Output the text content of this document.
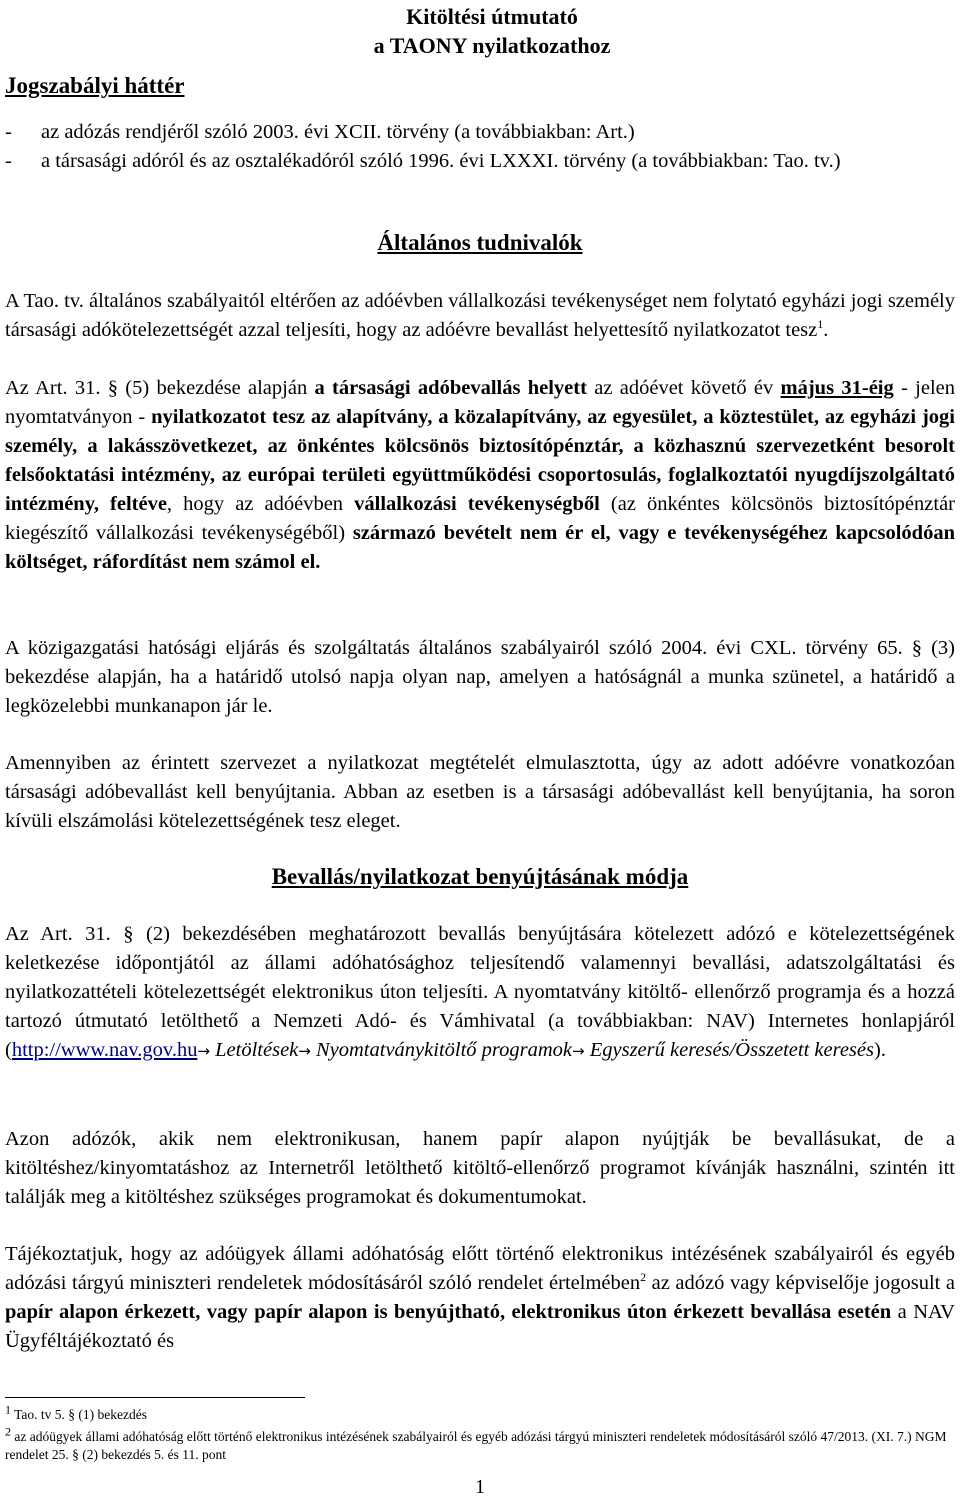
Kitöltési útmutató
a TAONY nyilatkozathoz
Jogszabályi háttér
-	az adózás rendjéről szóló 2003. évi XCII. törvény (a továbbiakban: Art.)
-	a társasági adóról és az osztalékadóról szóló 1996. évi LXXXI. törvény (a továbbiakban: Tao. tv.)
Általános tudnivalók
A Tao. tv. általános szabályaitól eltérően az adóévben vállalkozási tevékenységet nem folytató egyházi jogi személy társasági adókötelezettségét azzal teljesíti, hogy az adóévre bevallást helyettesítő nyilatkozatot tesz$^1$.
Az Art. 31. § (5) bekezdése alapján a társasági adóbevallás helyett az adóévet követő év május 31-éig - jelen nyomtatványon - nyilatkozatot tesz az alapítvány, a közalapítvány, az egyesület, a köztestület, az egyházi jogi személy, a lakásszövetkezet, az önkéntes kölcsönös biztosítópénztár, a közhasznú szervezetként besorolt felsőoktatási intézmény, az európai területi együttműködési csoportosulás, foglalkoztatói nyugdíjszolgáltató intézmény, feltéve, hogy az adóévben vállalkozási tevékenységből (az önkéntes kölcsönös biztosítópénztár kiegészítő vállalkozási tevékenységéből) származó bevételt nem ér el, vagy e tevékenységéhez kapcsolódóan költséget, ráfordítást nem számol el.
A közigazgatási hatósági eljárás és szolgáltatás általános szabályairól szóló 2004. évi CXL. törvény 65. § (3) bekezdése alapján, ha a határidő utolsó napja olyan nap, amelyen a hatóságnál a munka szünetel, a határidő a legközelebbi munkanapon jár le.
Amennyiben az érintett szervezet a nyilatkozat megtételét elmulasztotta, úgy az adott adóévre vonatkozóan társasági adóbevallást kell benyújtania. Abban az esetben is a társasági adóbevallást kell benyújtania, ha soron kívüli elszámolási kötelezettségének tesz eleget.
Bevallás/nyilatkozat benyújtásának módja
Az Art. 31. § (2) bekezdésében meghatározott bevallás benyújtására kötelezett adózó e kötelezettségének keletkezése időpontjától az állami adóhatósághoz teljesítendő valamennyi bevallási, adatszolgáltatási és nyilatkozattételi kötelezettségét elektronikus úton teljesíti. A nyomtatvány kitöltő- ellenőrző programja és a hozzá tartozó útmutató letölthető a Nemzeti Adó- és Vámhivatal (a továbbiakban: NAV) Internetes honlapjáról (http://www.nav.gov.hu→ Letöltések→ Nyomtatványkitöltő programok→ Egyszerű keresés/Összetett keresés).
Azon adózók, akik nem elektronikusan, hanem papír alapon nyújtják be bevallásukat, de a kitöltéshez/kinyomtatáshoz az Internetről letölthető kitöltő-ellenőrző programot kívánják használni, szintén itt találják meg a kitöltéshez szükséges programokat és dokumentumokat.
Tájékoztatjuk, hogy az adóügyek állami adóhatóság előtt történő elektronikus intézésének szabályairól és egyéb adózási tárgyú miniszteri rendeletek módosításáról szóló rendelet értelmében$^2$ az adózó vagy képviselője jogosult a papír alapon érkezett, vagy papír alapon is benyújtható, elektronikus úton érkezett bevallása esetén a NAV Ügyféltájékoztató és
$^1$ Tao. tv 5. § (1) bekezdés
$^2$ az adóügyek állami adóhatóság előtt történő elektronikus intézésének szabályairól és egyéb adózási tárgyú miniszteri rendeletek módosításáról szóló 47/2013. (XI. 7.) NGM rendelet 25. § (2) bekezdés 5. és 11. pont
1
